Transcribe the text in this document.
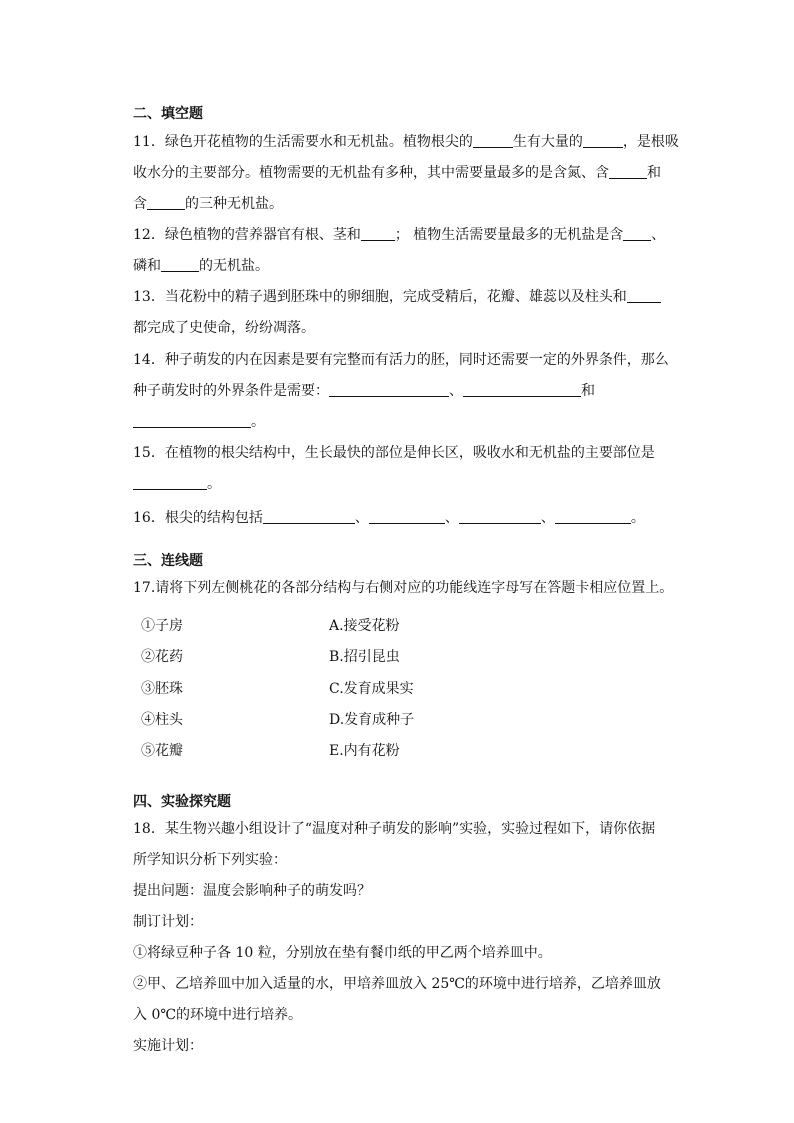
二、填空题
11．绿色开花植物的生活需要水和无机盐。植物根尖的	生有大量的	，是根吸
收水分的主要部分。植物需要的无机盐有多种，其中需要量最多的是含氮、含	和
含	的三种无机盐。
12．绿色植物的营养器官有根、茎和 ； 植物生活需要量最多的无机盐是含 、
磷和	的无机盐。
13．当花粉中的精子遇到胚珠中的卵细胞，完成受精后，花瓣、雄蕊以及柱头和
都完成了史使命，纷纷凋落。
14．种子萌发的内在因素是要有完整而有活力的胚，同时还需要一定的外界条件，那么
种子萌发时的外界条件是需要：	、	和
。
15．在植物的根尖结构中，生长最快的部位是伸长区，吸收水和无机盐的主要部位是
。
16．根尖的结构包括	、	、	、	。
三、连线题
17.请将下列左侧桃花的各部分结构与右侧对应的功能线连字母写在答题卡相应位置上。
①子房	A.接受花粉
②花药	B.招引昆虫
③胚珠	C.发育成果实
④柱头	D.发育成种子
⑤花瓣	E.内有花粉
四、实验探究题
18．某生物兴趣小组设计了“温度对种子萌发的影响”实验，实验过程如下，请你依据
所学知识分析下列实验：
提出问题：温度会影响种子的萌发吗？
制订计划：
①将绿豆种子各 10 粒，分别放在垫有餐巾纸的甲乙两个培养皿中。
②甲、乙培养皿中加入适量的水，甲培养皿放入 25℃的环境中进行培养，乙培养皿放
入 0℃的环境中进行培养。
实施计划：
